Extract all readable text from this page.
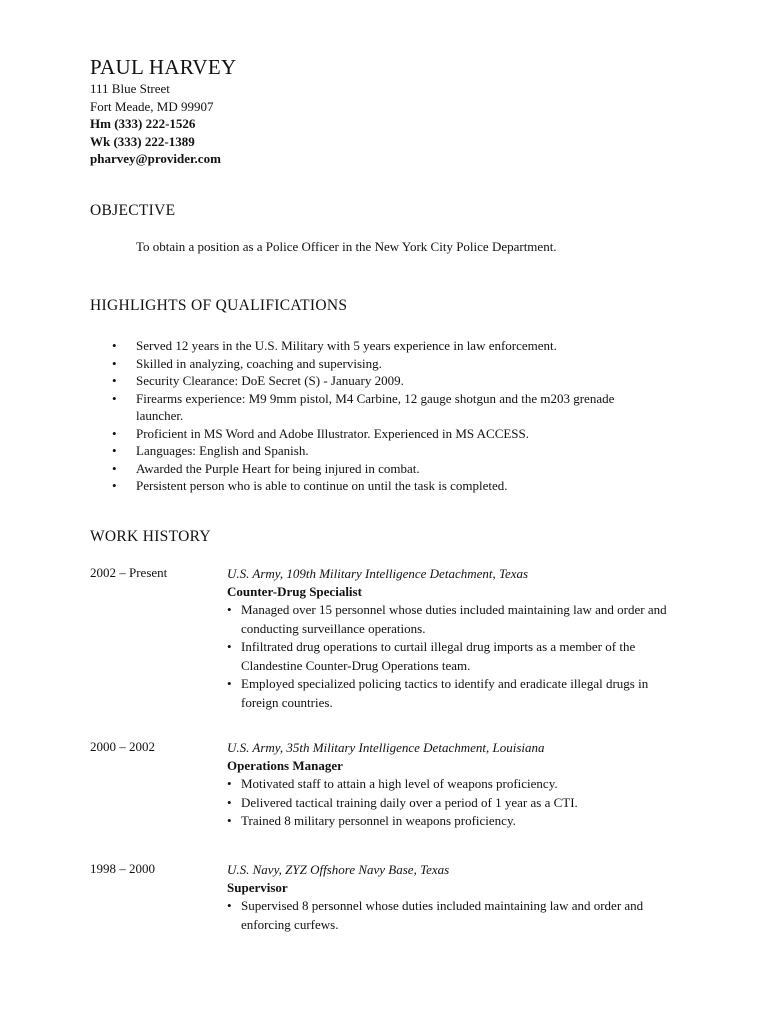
PAUL HARVEY
111 Blue Street
Fort Meade, MD 99907
Hm (333) 222-1526
Wk (333) 222-1389
pharvey@provider.com
OBJECTIVE
To obtain a position as a Police Officer in the New York City Police Department.
HIGHLIGHTS OF QUALIFICATIONS
• Served 12 years in the U.S. Military with 5 years experience in law enforcement.
• Skilled in analyzing, coaching and supervising.
• Security Clearance: DoE Secret (S) - January 2009.
• Firearms experience: M9 9mm pistol, M4 Carbine, 12 gauge shotgun and the m203 grenade launcher.
• Proficient in MS Word and Adobe Illustrator. Experienced in MS ACCESS.
• Languages: English and Spanish.
• Awarded the Purple Heart for being injured in combat.
• Persistent person who is able to continue on until the task is completed.
WORK HISTORY
2002 – Present	U.S. Army, 109th Military Intelligence Detachment, Texas
Counter-Drug Specialist
• Managed over 15 personnel whose duties included maintaining law and order and conducting surveillance operations.
• Infiltrated drug operations to curtail illegal drug imports as a member of the Clandestine Counter-Drug Operations team.
• Employed specialized policing tactics to identify and eradicate illegal drugs in foreign countries.
2000 – 2002	U.S. Army, 35th Military Intelligence Detachment, Louisiana
Operations Manager
• Motivated staff to attain a high level of weapons proficiency.
• Delivered tactical training daily over a period of 1 year as a CTI.
• Trained 8 military personnel in weapons proficiency.
1998 – 2000	U.S. Navy, ZYZ Offshore Navy Base, Texas
Supervisor
• Supervised 8 personnel whose duties included maintaining law and order and enforcing curfews.
